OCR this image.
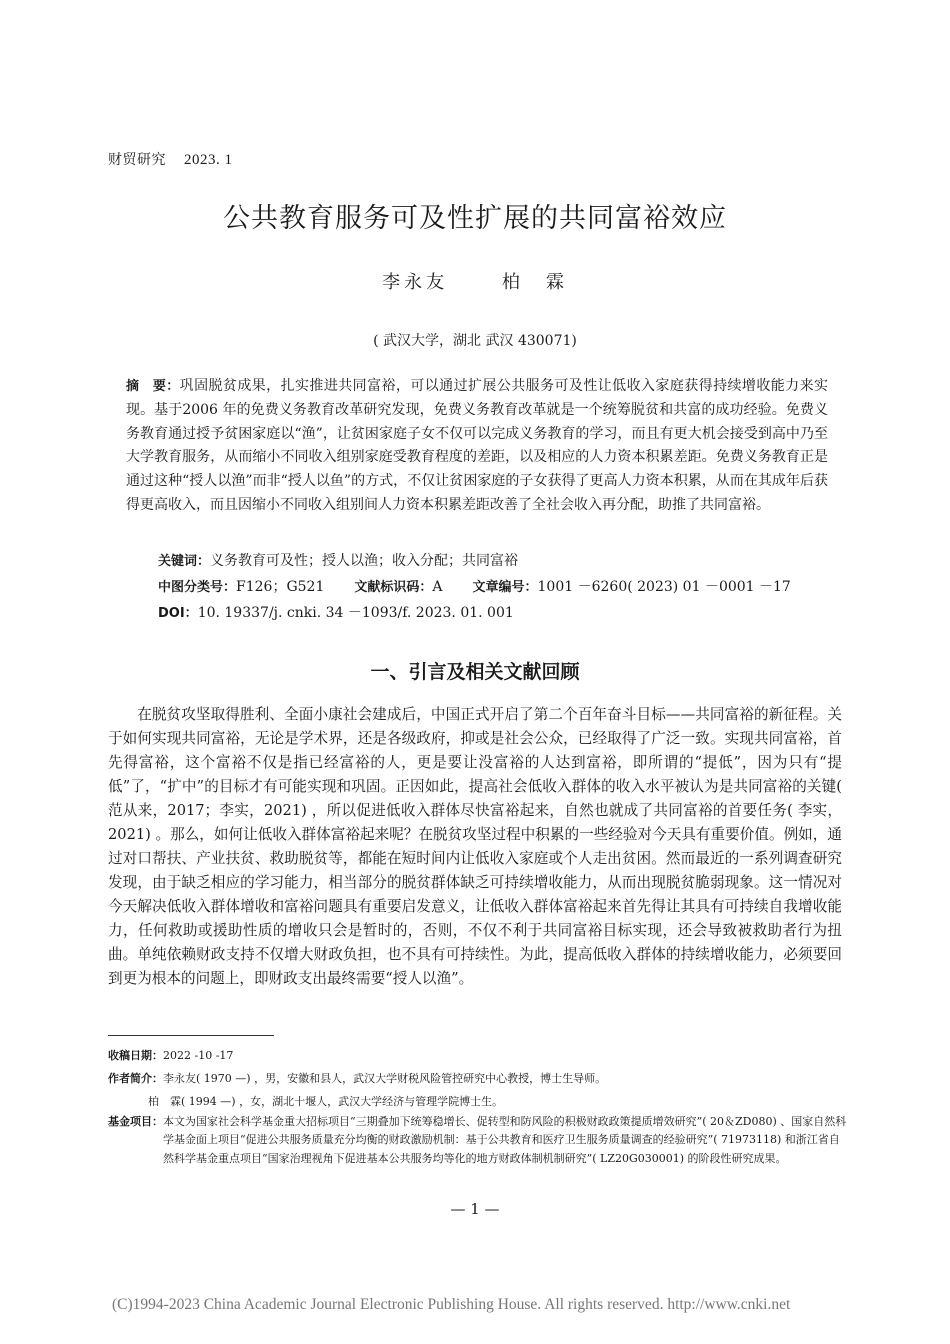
财贸研究 2023. 1
公共教育服务可及性扩展的共同富裕效应
李永友	柏　霖
( 武汉大学，湖北 武汉 430071)
摘　要：巩固脱贫成果，扎实推进共同富裕，可以通过扩展公共服务可及性让低收入家庭获得持续增收能力来实现。基于2006 年的免费义务教育改革研究发现，免费义务教育改革就是一个统筹脱贫和共富的成功经验。免费义务教育通过授予贫困家庭以“渔”，让贫困家庭子女不仅可以完成义务教育的学习，而且有更大机会接受到高中乃至大学教育服务，从而缩小不同收入组别家庭受教育程度的差距，以及相应的人力资本积累差距。免费义务教育正是通过这种“授人以渔”而非“授人以鱼”的方式，不仅让贫困家庭的子女获得了更高人力资本积累，从而在其成年后获得更高收入，而且因缩小不同收入组别间人力资本积累差距改善了全社会收入再分配，助推了共同富裕。
关键词：义务教育可及性；授人以渔；收入分配；共同富裕
中图分类号：F126；G521 文献标识码：A 文章编号：1001 －6260( 2023) 01 －0001 －17
DOI：10. 19337/j. cnki. 34 －1093/f. 2023. 01. 001
一、引言及相关文献回顾
在脱贫攻坚取得胜利、全面小康社会建成后，中国正式开启了第二个百年奋斗目标——共同富裕的新征程。关于如何实现共同富裕，无论是学术界，还是各级政府，抑或是社会公众，已经取得了广泛一致。实现共同富裕，首先得富裕，这个富裕不仅是指已经富裕的人，更是要让没富裕的人达到富裕，即所谓的“提低”，因为只有“提低”了，“扩中”的目标才有可能实现和巩固。正因如此，提高社会低收入群体的收入水平被认为是共同富裕的关键( 范从来，2017；李实，2021) ，所以促进低收入群体尽快富裕起来，自然也就成了共同富裕的首要任务( 李实，2021) 。那么，如何让低收入群体富裕起来呢？在脱贫攻坚过程中积累的一些经验对今天具有重要价值。例如，通过对口帮扶、产业扶贫、救助脱贫等，都能在短时间内让低收入家庭或个人走出贫困。然而最近的一系列调查研究发现，由于缺乏相应的学习能力，相当部分的脱贫群体缺乏可持续增收能力，从而出现脱贫脆弱现象。这一情况对今天解决低收入群体增收和富裕问题具有重要启发意义，让低收入群体富裕起来首先得让其具有可持续自我增收能力，任何救助或援助性质的增收只会是暂时的，否则，不仅不利于共同富裕目标实现，还会导致被救助者行为扭曲。单纯依赖财政支持不仅增大财政负担，也不具有可持续性。为此，提高低收入群体的持续增收能力，必须要回到更为根本的问题上，即财政支出最终需要“授人以渔”。
收稿日期：2022 -10 -17
作者简介：李永友( 1970 —) ，男，安徽和县人，武汉大学财税风险管控研究中心教授，博士生导师。
柏　霖( 1994 —) ，女，湖北十堰人，武汉大学经济与管理学院博士生。
基金项目： 本文为国家社会科学基金重大招标项目“三期叠加下统筹稳增长、促转型和防风险的积极财政政策提质增效研究”( 20＆ZD080) 、国家自然科学基金面上项目“促进公共服务质量充分均衡的财政激励机制：基于公共教育和医疗卫生服务质量调查的经验研究”( 71973118) 和浙江省自然科学基金重点项目“国家治理视角下促进基本公共服务均等化的地方财政体制机制研究”( LZ20G030001) 的阶段性研究成果。
— 1 —
(C)1994-2023 China Academic Journal Electronic Publishing House. All rights reserved. http://www.cnki.net
